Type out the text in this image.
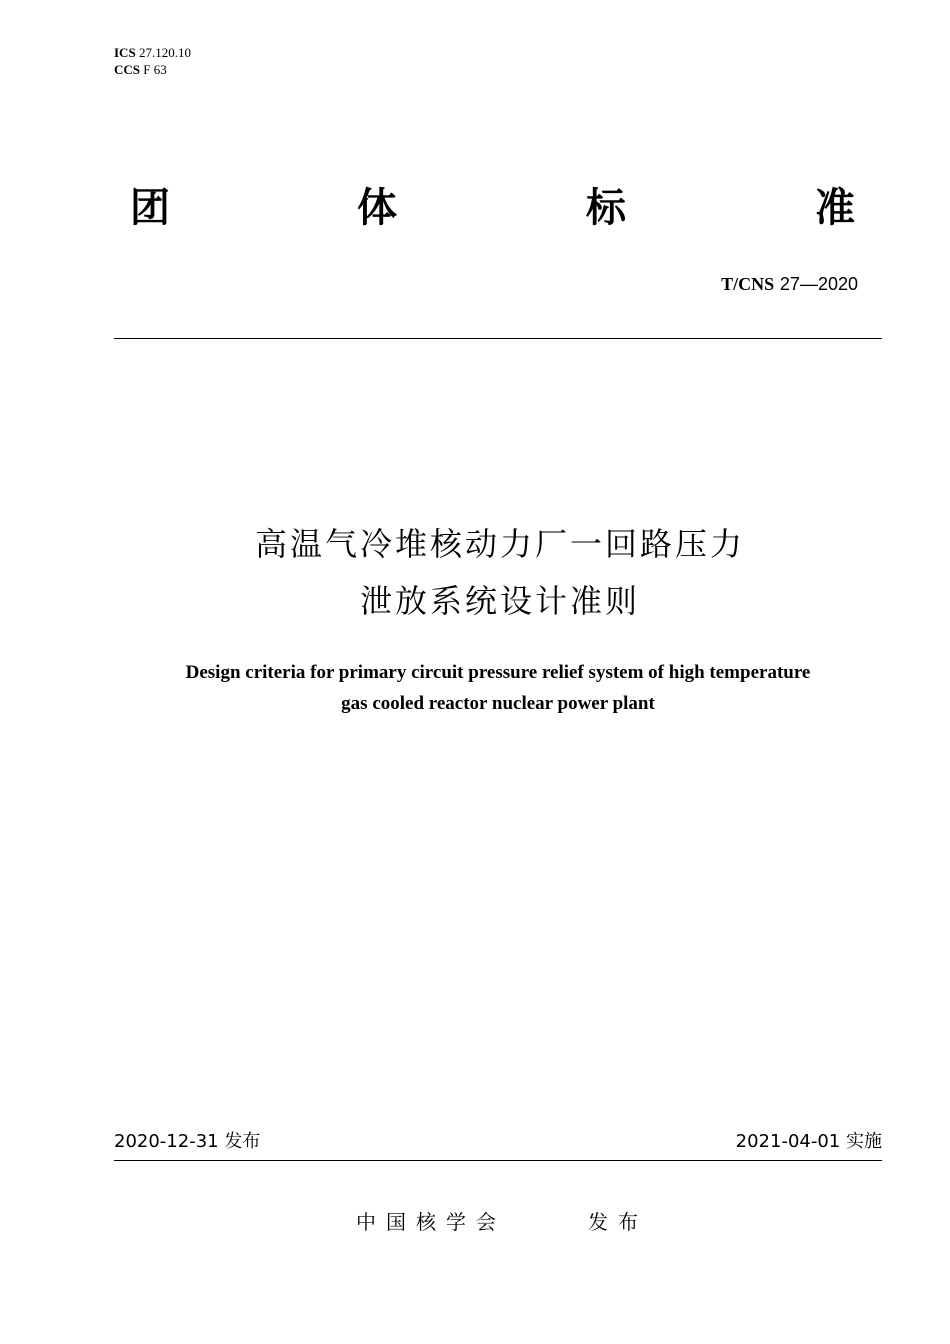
ICS 27.120.10
CCS F 63
团	体	标	准
T/CNS 27—2020
高温气冷堆核动力厂一回路压力
泄放系统设计准则
Design criteria for primary circuit pressure relief system of high temperature
gas cooled reactor nuclear power plant
2020-12-31 发布	2021-04-01 实施
中国核学会	发布
